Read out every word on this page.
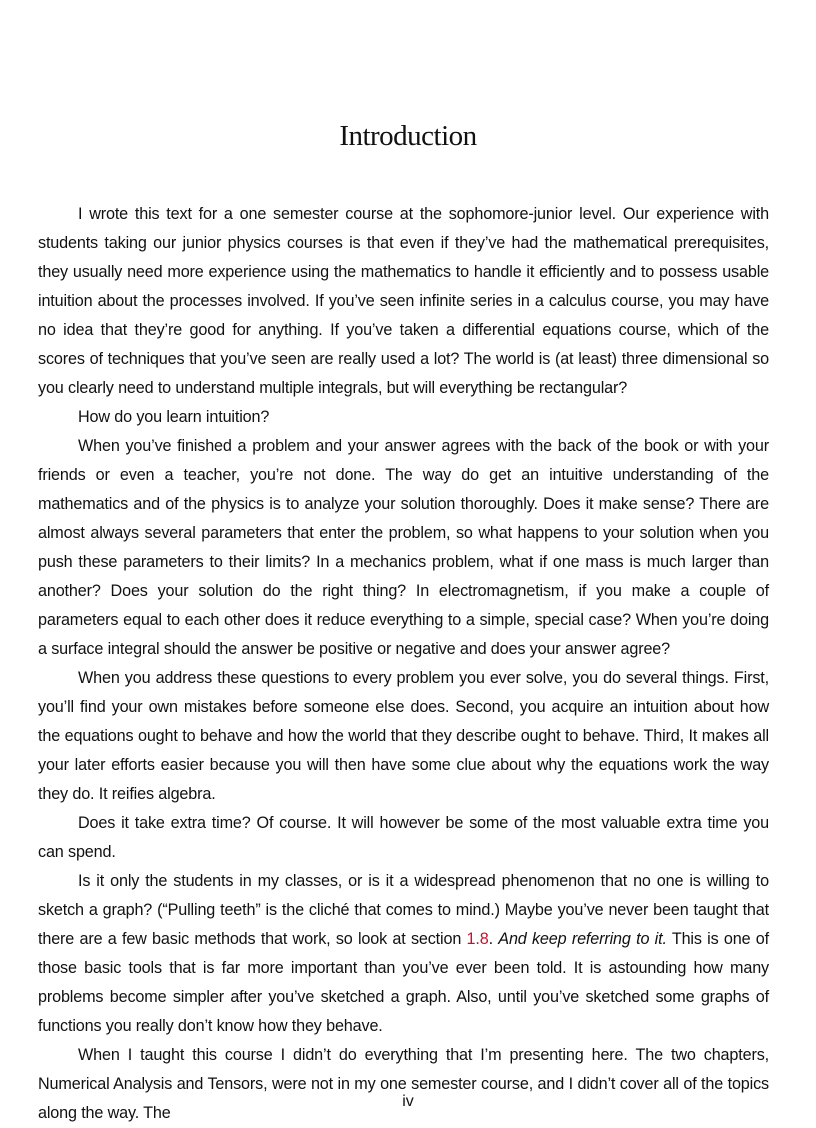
Introduction

I wrote this text for a one semester course at the sophomore-junior level. Our experience with students taking our junior physics courses is that even if they’ve had the mathematical prerequisites, they usually need more experience using the mathematics to handle it efficiently and to possess usable intuition about the processes involved. If you’ve seen infinite series in a calculus course, you may have no idea that they’re good for anything. If you’ve taken a differential equations course, which of the scores of techniques that you’ve seen are really used a lot? The world is (at least) three dimensional so you clearly need to understand multiple integrals, but will everything be rectangular?

How do you learn intuition?

When you’ve finished a problem and your answer agrees with the back of the book or with your friends or even a teacher, you’re not done. The way do get an intuitive understanding of the mathematics and of the physics is to analyze your solution thoroughly. Does it make sense? There are almost always several parameters that enter the problem, so what happens to your solution when you push these parameters to their limits? In a mechanics problem, what if one mass is much larger than another? Does your solution do the right thing? In electromagnetism, if you make a couple of parameters equal to each other does it reduce everything to a simple, special case? When you’re doing a surface integral should the answer be positive or negative and does your answer agree?

When you address these questions to every problem you ever solve, you do several things. First, you’ll find your own mistakes before someone else does. Second, you acquire an intuition about how the equations ought to behave and how the world that they describe ought to behave. Third, It makes all your later efforts easier because you will then have some clue about why the equations work the way they do. It reifies algebra.

Does it take extra time? Of course. It will however be some of the most valuable extra time you can spend.

Is it only the students in my classes, or is it a widespread phenomenon that no one is willing to sketch a graph? (“Pulling teeth” is the cliché that comes to mind.) Maybe you’ve never been taught that there are a few basic methods that work, so look at section 1.8. And keep referring to it. This is one of those basic tools that is far more important than you’ve ever been told. It is astounding how many problems become simpler after you’ve sketched a graph. Also, until you’ve sketched some graphs of functions you really don’t know how they behave.

When I taught this course I didn’t do everything that I’m presenting here. The two chapters, Numerical Analysis and Tensors, were not in my one semester course, and I didn’t cover all of the topics along the way. The

iv
